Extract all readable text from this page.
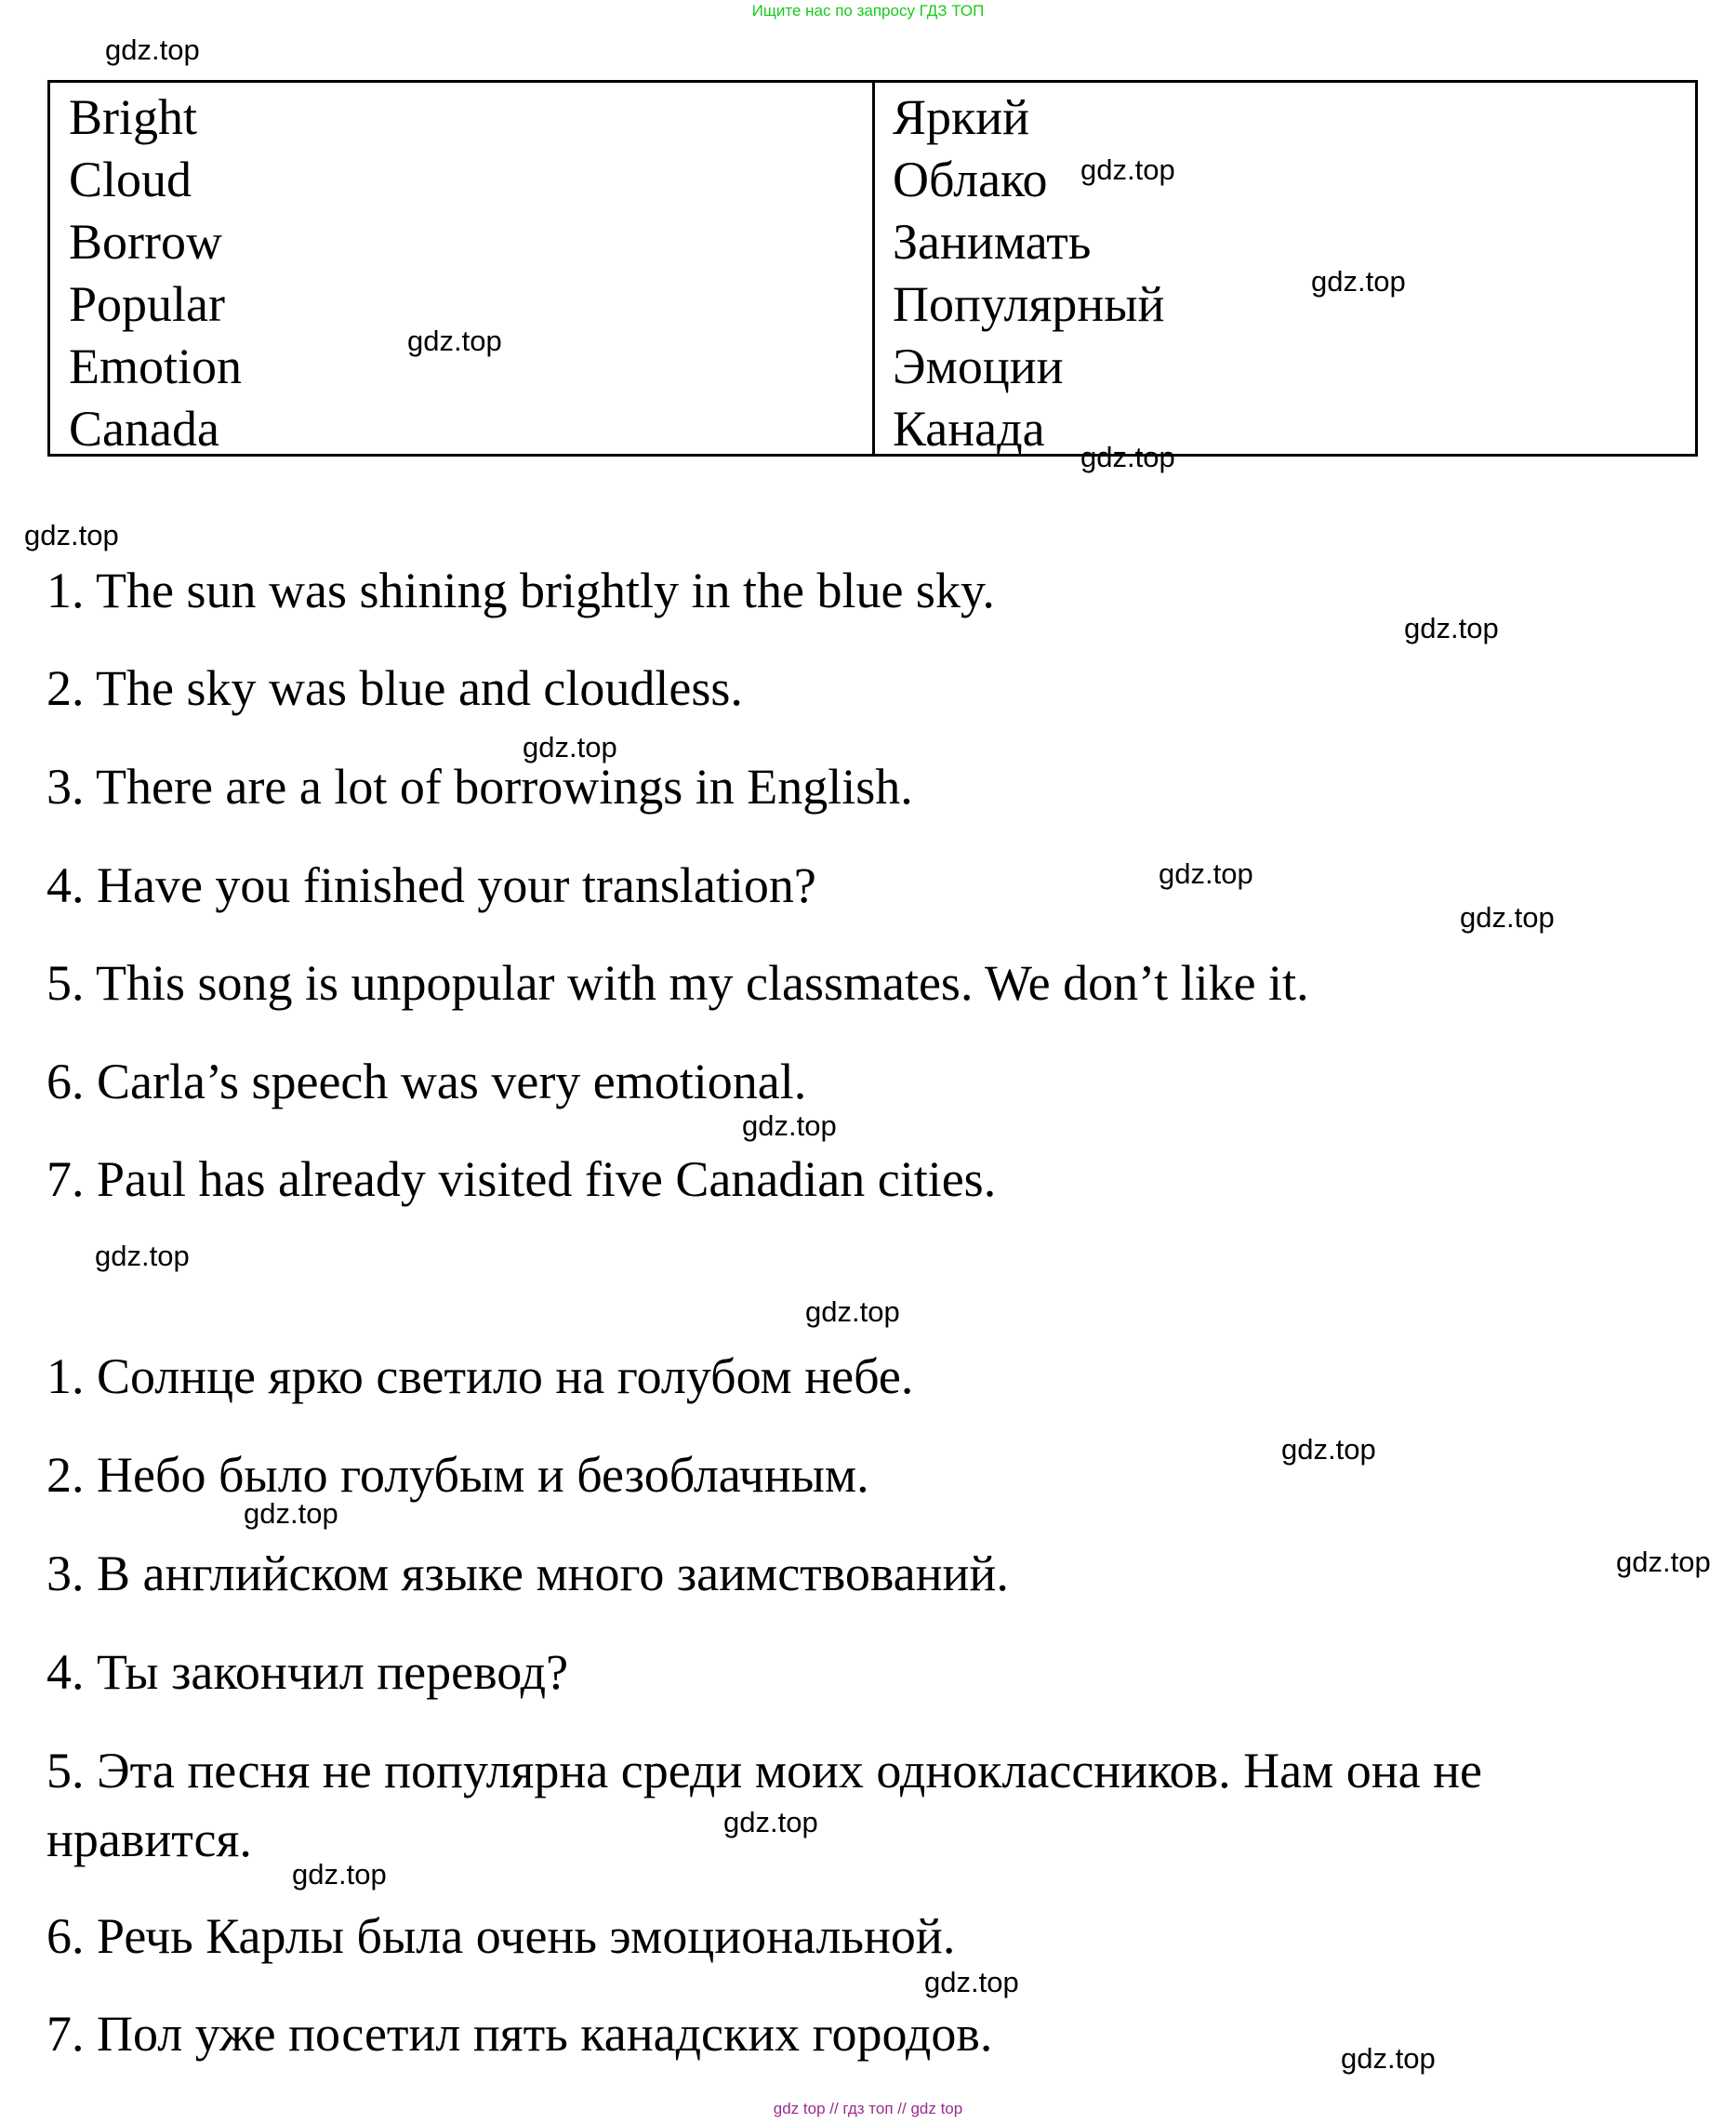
Ищите нас по запросу ГДЗ ТОП
Bright
Cloud
Borrow
Popular
Emotion
Canada
Яркий
Облако
Занимать
Популярный
Эмоции
Канада
1. The sun was shining brightly in the blue sky.
2. The sky was blue and cloudless.
3. There are a lot of borrowings in English.
4. Have you finished your translation?
5. This song is unpopular with my classmates. We don’t like it.
6. Carla’s speech was very emotional.
7. Paul has already visited five Canadian cities.
1. Солнце ярко светило на голубом небе.
2. Небо было голубым и безоблачным.
3. В английском языке много заимствований.
4. Ты закончил перевод?
5. Эта песня не популярна среди моих одноклассников. Нам она не нравится.
6. Речь Карлы была очень эмоциональной.
7. Пол уже посетил пять канадских городов.
gdz.top
gdz.top
gdz.top
gdz.top
gdz.top
gdz.top
gdz.top
gdz.top
gdz.top
gdz.top
gdz.top
gdz.top
gdz.top
gdz.top
gdz.top
gdz.top
gdz.top
gdz.top
gdz.top
gdz.top
gdz top // гдз топ // gdz top
